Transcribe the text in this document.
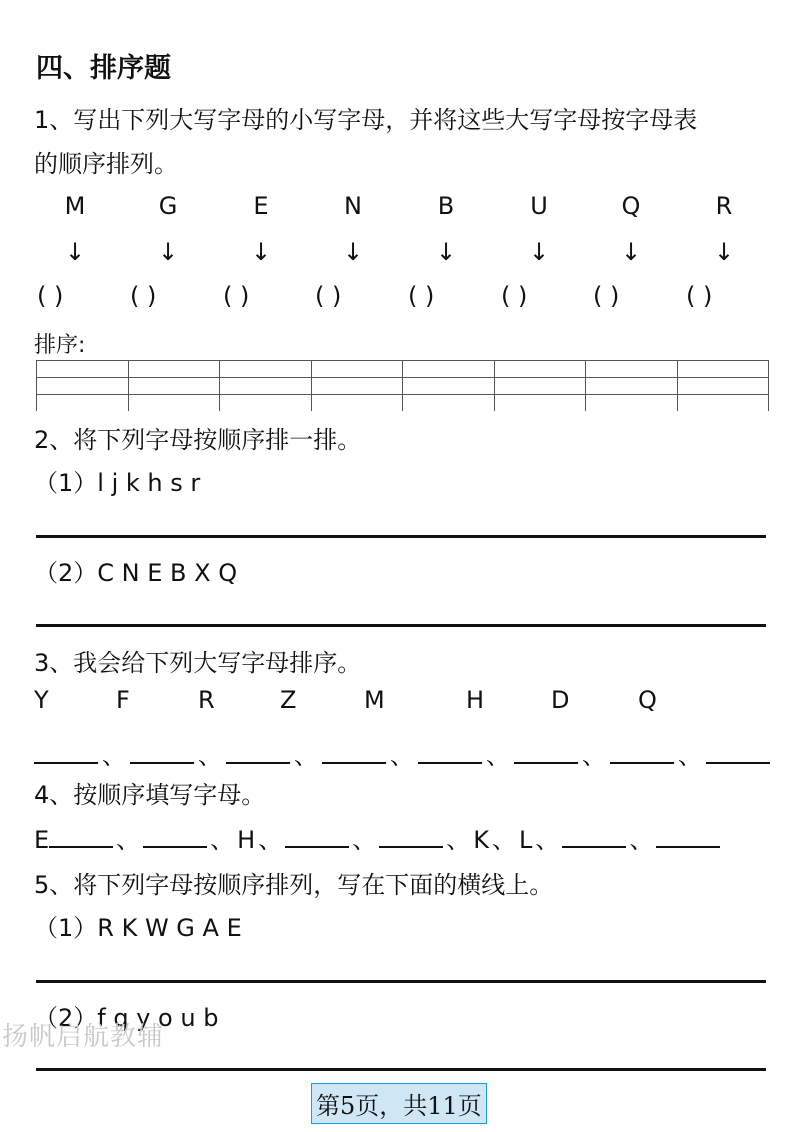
四、排序题
1、写出下列大写字母的小写字母，并将这些大写字母按字母表
的顺序排列。
M	G	E	N	B	U	Q	R
↓	↓	↓	↓	↓	↓	↓	↓
( )	( )	( )	( )	( )	( )	( )	( )
排序:
2、将下列字母按顺序排一排。
（1）l j k h s r
（2）C N E B X Q
3、我会给下列大写字母排序。
Y	F	R	Z	M	H	D	Q
、	、	、	、	、	、	、
4、按顺序填写字母。
E	、	、 H 、	、	、 K 、 L 、	、
5、将下列字母按顺序排列，写在下面的横线上。
（1）R K W G A E
（2）f q y o u b
扬帆启航教辅
第5页，共11页
